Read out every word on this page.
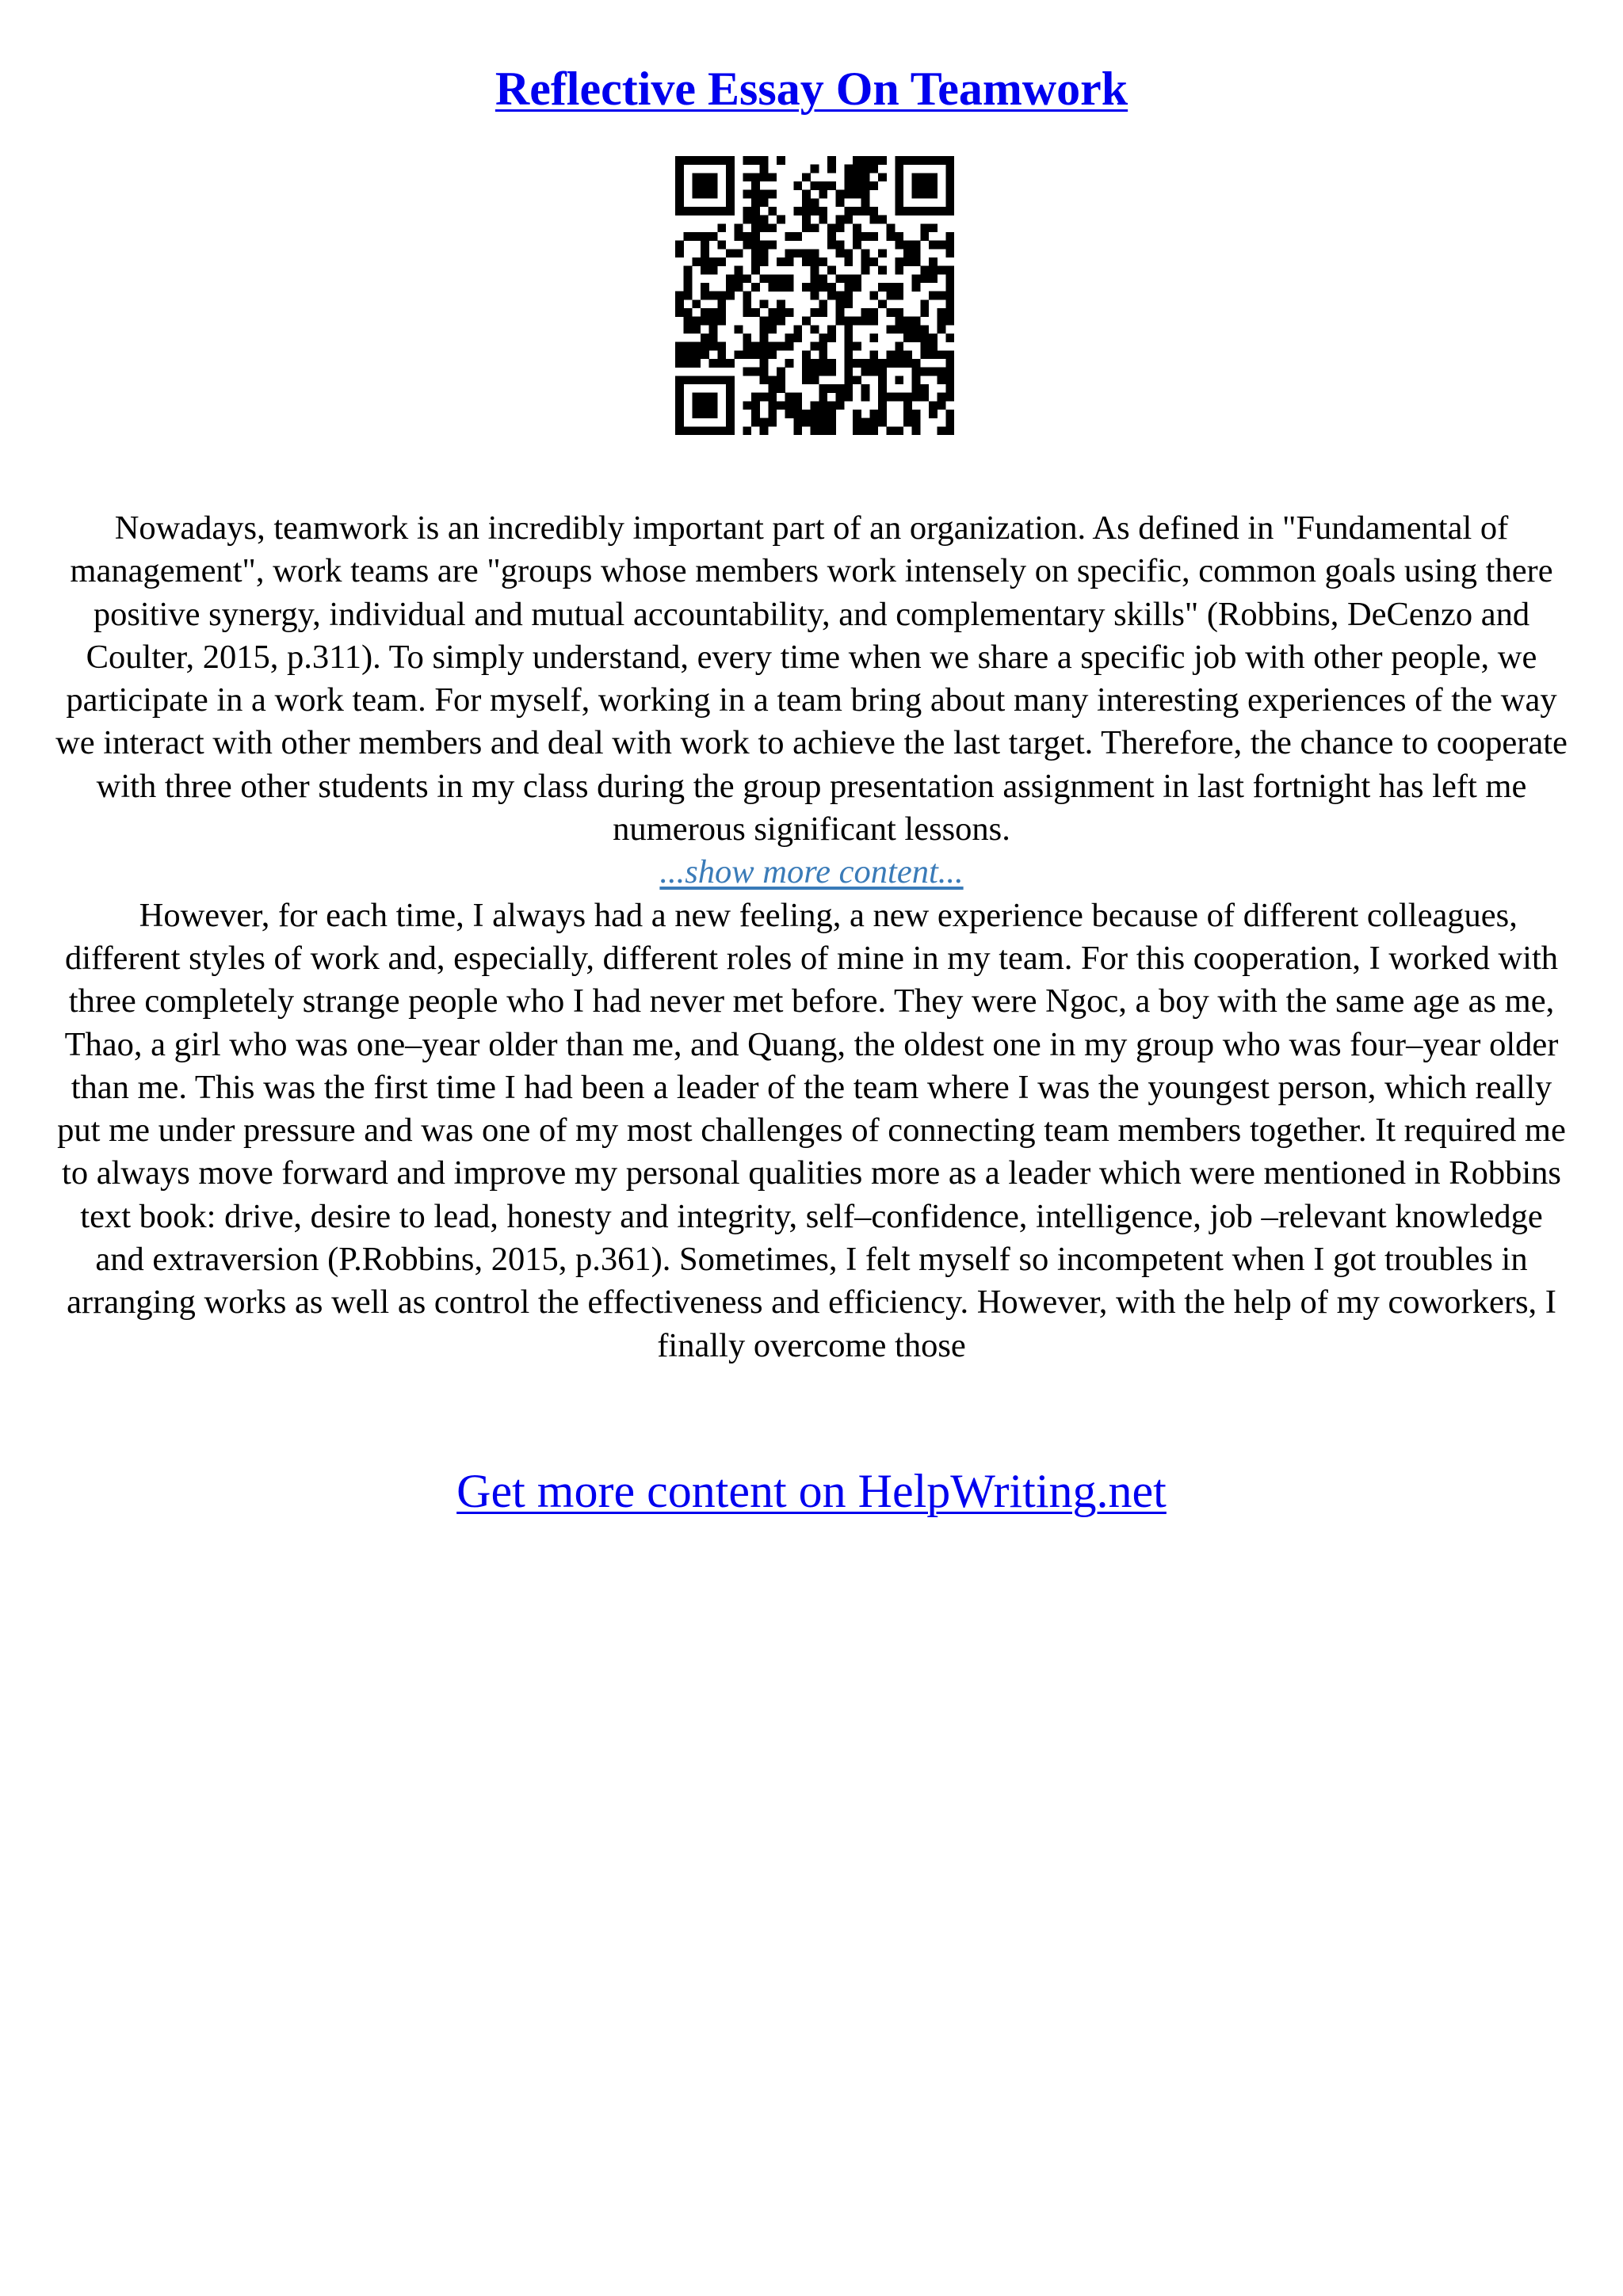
Reflective Essay On Teamwork

Nowadays, teamwork is an incredibly important part of an organization. As defined in "Fundamental of management", work teams are "groups whose members work intensely on specific, common goals using there positive synergy, individual and mutual accountability, and complementary skills" (Robbins, DeCenzo and Coulter, 2015, p.311). To simply understand, every time when we share a specific job with other people, we participate in a work team. For myself, working in a team bring about many interesting experiences of the way we interact with other members and deal with work to achieve the last target. Therefore, the chance to cooperate with three other students in my class during the group presentation assignment in last fortnight has left me numerous significant lessons.

...show more content...

 However, for each time, I always had a new feeling, a new experience because of different colleagues, different styles of work and, especially, different roles of mine in my team. For this cooperation, I worked with three completely strange people who I had never met before. They were Ngoc, a boy with the same age as me, Thao, a girl who was one–year older than me, and Quang, the oldest one in my group who was four–year older than me. This was the first time I had been a leader of the team where I was the youngest person, which really put me under pressure and was one of my most challenges of connecting team members together. It required me to always move forward and improve my personal qualities more as a leader which were mentioned in Robbins text book: drive, desire to lead, honesty and integrity, self–confidence, intelligence, job –relevant knowledge and extraversion (P.Robbins, 2015, p.361). Sometimes, I felt myself so incompetent when I got troubles in arranging works as well as control the effectiveness and efficiency. However, with the help of my coworkers, I finally overcome those

Get more content on HelpWriting.net
